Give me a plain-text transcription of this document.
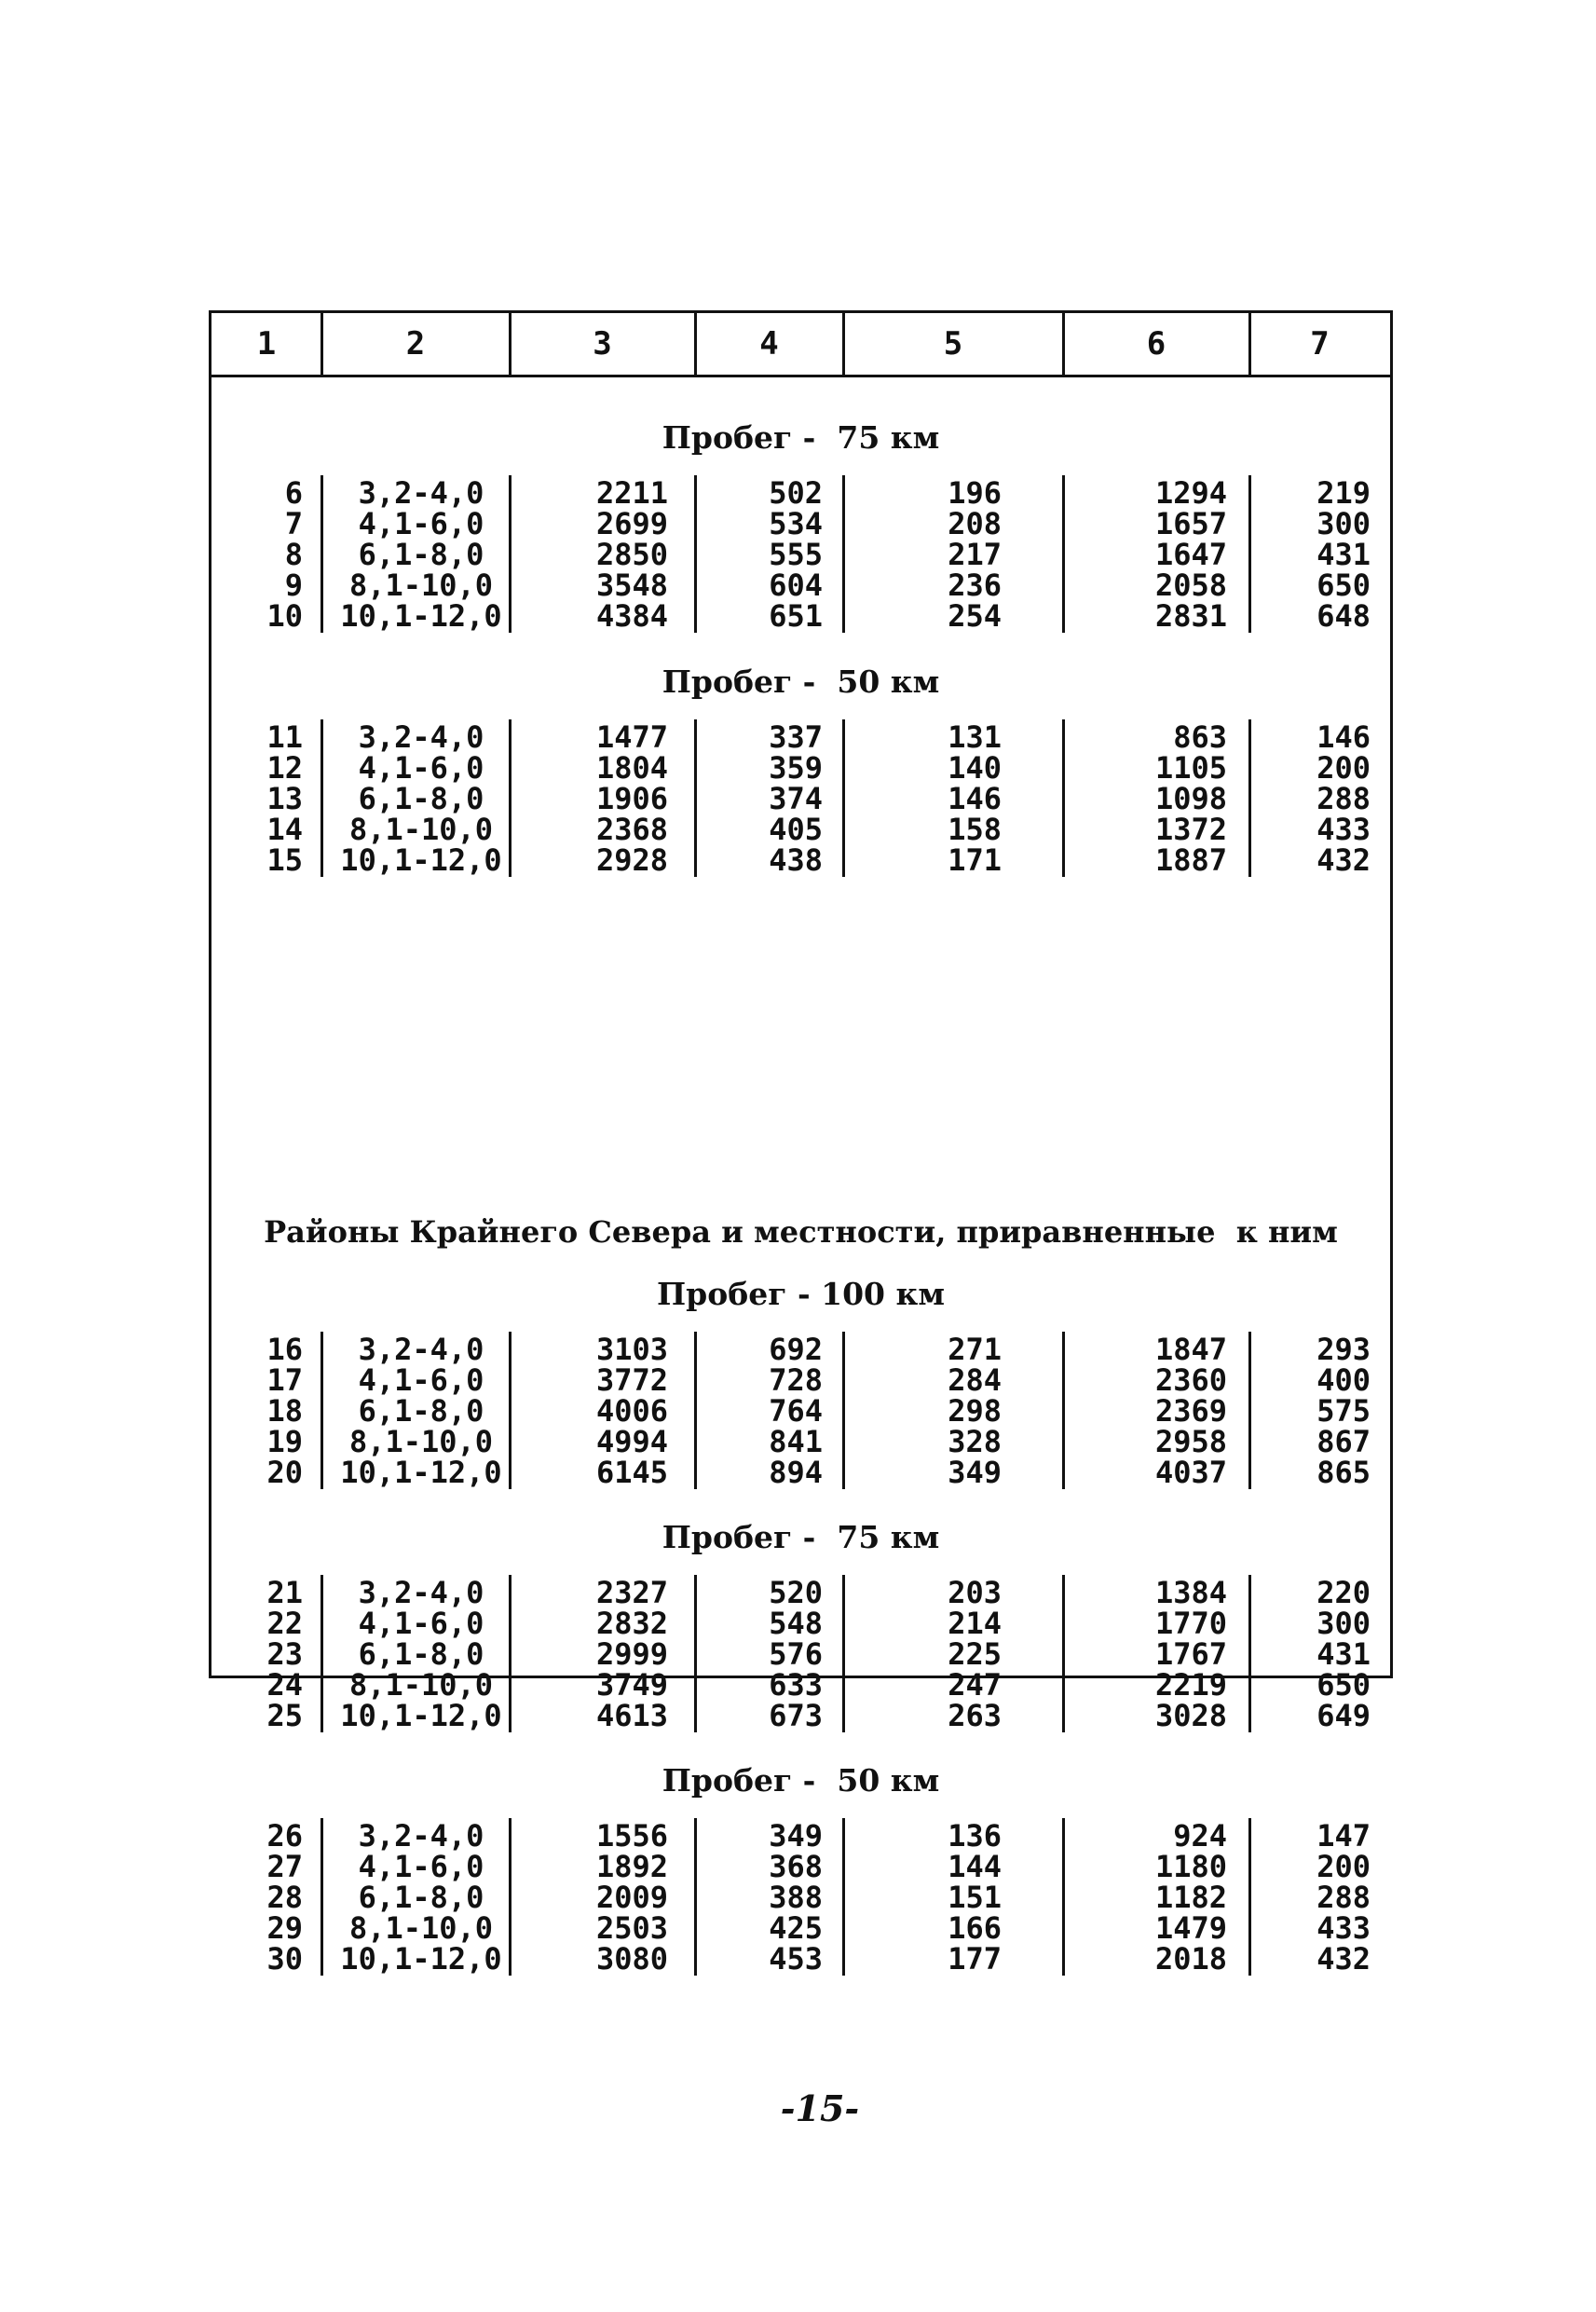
1	2	3	4	5	6	7
Пробег -  75 км
6	3,2-4,0	2211	502	196	1294	219
7	4,1-6,0	2699	534	208	1657	300
8	6,1-8,0	2850	555	217	1647	431
9	8,1-10,0	3548	604	236	2058	650
10 10,1-12,0	4384	651	254	2831	648
Пробег -  50 км
11	3,2-4,0	1477	337	131	863	146
12	4,1-6,0	1804	359	140	1105	200
13	6,1-8,0	1906	374	146	1098	288
14	8,1-10,0	2368	405	158	1372	433
15 10,1-12,0	2928	438	171	1887	432
Пробег - 100 км
16	3,2-4,0	3103	692	271	1847	293
17	4,1-6,0	3772	728	284	2360	400
18	6,1-8,0	4006	764	298	2369	575
19	8,1-10,0	4994	841	328	2958	867
20 10,1-12,0	6145	894	349	4037	865
Пробег -  75 км
21	3,2-4,0	2327	520	203	1384	220
22	4,1-6,0	2832	548	214	1770	300
23	6,1-8,0	2999	576	225	1767	431
24	8,1-10,0	3749	633	247	2219	650
25 10,1-12,0	4613	673	263	3028	649
Пробег -  50 км
26	3,2-4,0	1556	349	136	924	147
27	4,1-6,0	1892	368	144	1180	200
28	6,1-8,0	2009	388	151	1182	288
29	8,1-10,0	2503	425	166	1479	433
30 10,1-12,0	3080	453	177	2018	432
Районы Крайнего Севера и местности, приравненные  к ним
-15-
